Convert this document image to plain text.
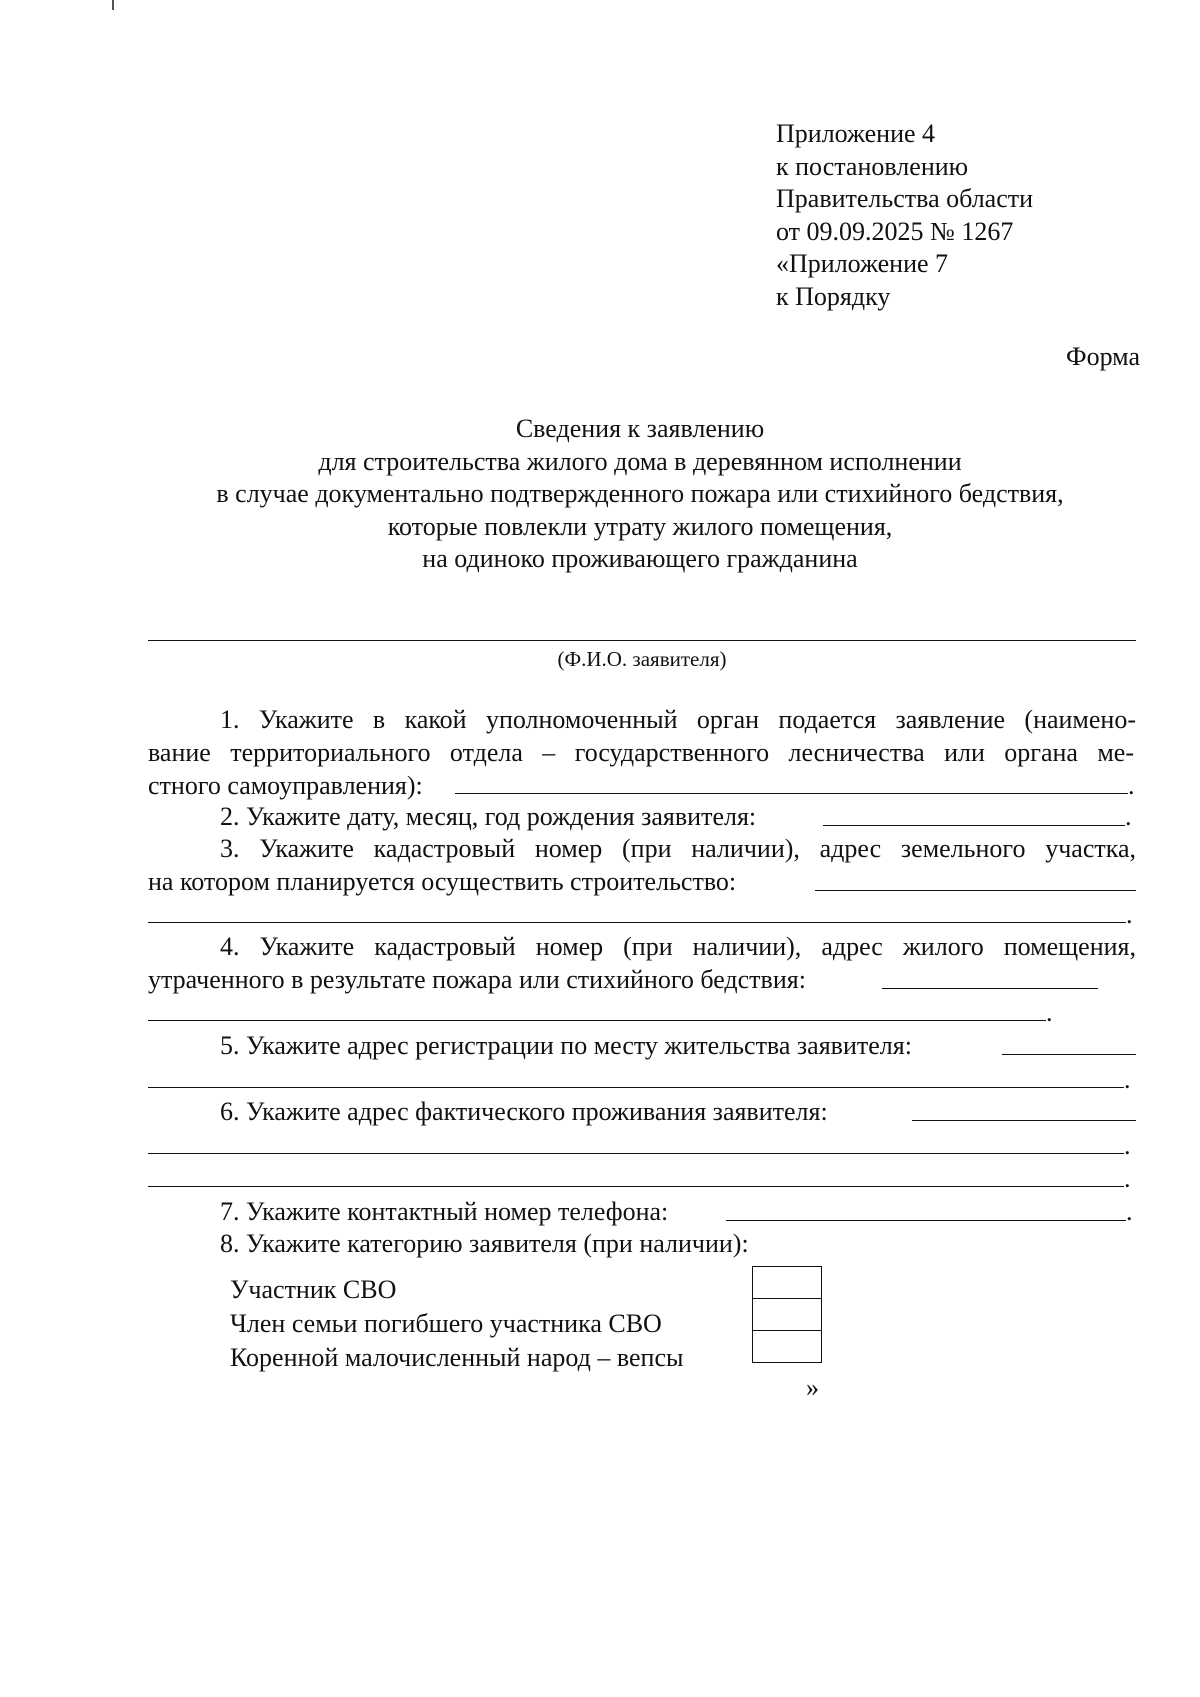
Приложение 4
к постановлению
Правительства области
от 09.09.2025 № 1267
«Приложение 7
к Порядку
Форма
Сведения к заявлению
для строительства жилого дома в деревянном исполнении
в случае документально подтвержденного пожара или стихийного бедствия,
которые повлекли утрату жилого помещения,
на одиноко проживающего гражданина
(Ф.И.О. заявителя)
1. Укажите в какой уполномоченный орган подается заявление (наимено-
вание территориального отдела – государственного лесничества или органа ме-
стного самоуправления):	.
2. Укажите дату, месяц, год рождения заявителя:	.
3. Укажите кадастровый номер (при наличии), адрес земельного участка,
на котором планируется осуществить строительство:
.
4. Укажите кадастровый номер (при наличии), адрес жилого помещения,
утраченного в результате пожара или стихийного бедствия:
.
5. Укажите адрес регистрации по месту жительства заявителя:
.
6. Укажите адрес фактического проживания заявителя:
.
.
7. Укажите контактный номер телефона:	.
8. Укажите категорию заявителя (при наличии):
Участник СВО
Член семьи погибшего участника СВО
Коренной малочисленный народ – вепсы
»
